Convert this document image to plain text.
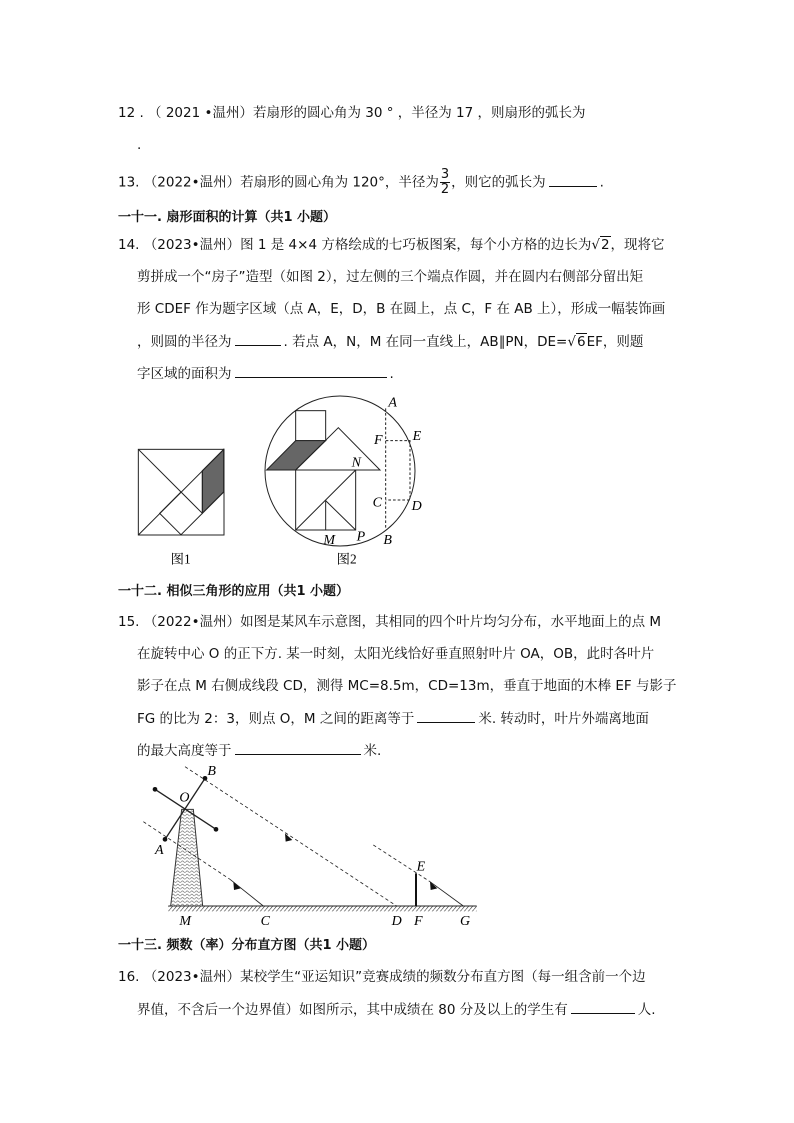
12 . （ 2021 •温州）若扇形的圆心角为 30 ° ，半径为 17 ，则扇形的弧长为
.
13. （2022•温州）若扇形的圆心角为 120°，半径为 $\frac{3}{2}$ ，则它的弧长为	.
一十一. 扇形面积的计算（共1 小题）
14. （2023•温州）图 1 是 4×4 方格绘成的七巧板图案，每个小方格的边长为√2，现将它
剪拼成一个“房子”造型（如图 2），过左侧的三个端点作圆，并在圆内右侧部分留出矩
形 CDEF 作为题字区域（点 A，E，D，B 在圆上，点 C，F 在 AB 上），形成一幅装饰画
，则圆的半径为	. 若点 A，N，M 在同一直线上，AB∥PN，DE=√6EF，则题
字区域的面积为	.
图1	图2
A
F E
N
C D
M P B
一十二. 相似三角形的应用（共1 小题）
15. （2022•温州）如图是某风车示意图，其相同的四个叶片均匀分布，水平地面上的点 M
在旋转中心 O 的正下方. 某一时刻，太阳光线恰好垂直照射叶片 OA，OB，此时各叶片
影子在点 M 右侧成线段 CD，测得 MC=8.5m，CD=13m，垂直于地面的木棒 EF 与影子
FG 的比为 2：3，则点 O，M 之间的距离等于	米. 转动时，叶片外端离地面
的最大高度等于	米.
B
O
A
E
M C	D F G
一十三. 频数（率）分布直方图（共1 小题）
16. （2023•温州）某校学生“亚运知识”竞赛成绩的频数分布直方图（每一组含前一个边
界值，不含后一个边界值）如图所示，其中成绩在 80 分及以上的学生有	人.
